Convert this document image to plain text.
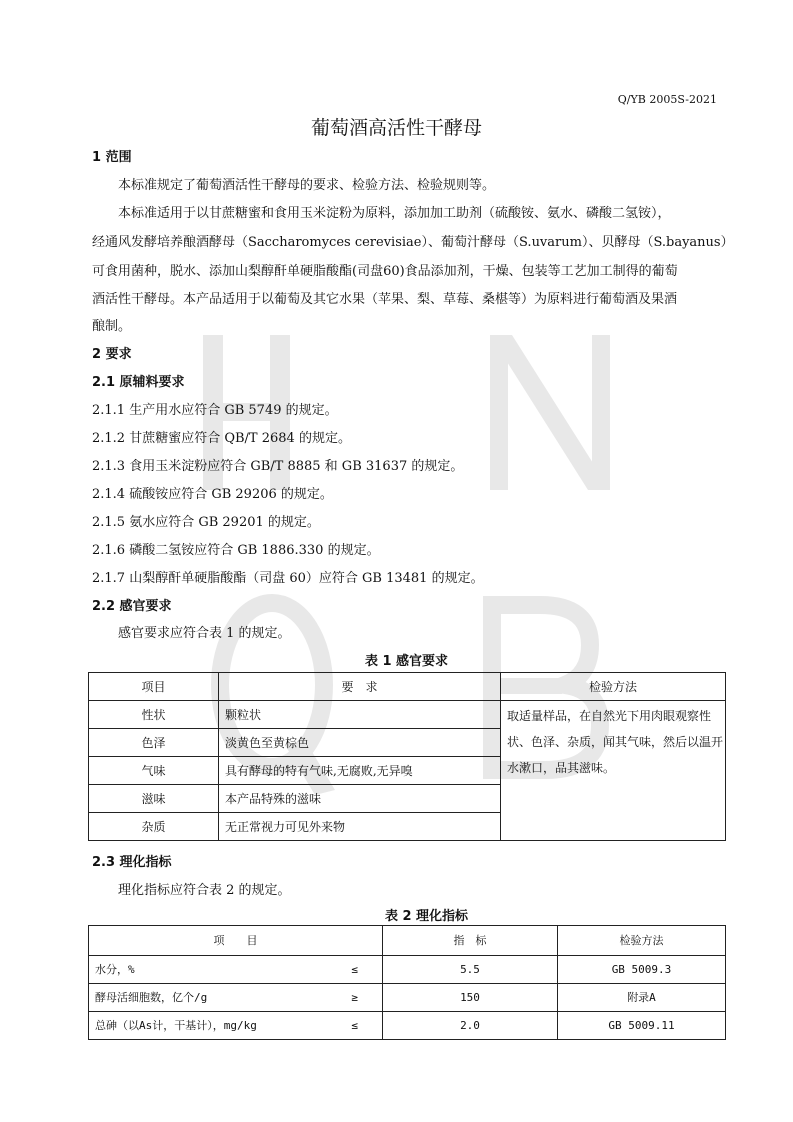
Q/YB 2005S-2021
葡萄酒高活性干酵母
1 范围
本标准规定了葡萄酒活性干酵母的要求、检验方法、检验规则等。
本标准适用于以甘蔗糖蜜和食用玉米淀粉为原料，添加加工助剂（硫酸铵、氨水、磷酸二氢铵），
经通风发酵培养酿酒酵母（Saccharomyces cerevisiae）、葡萄汁酵母（S.uvarum）、贝酵母（S.bayanus）
可食用菌种，脱水、添加山梨醇酐单硬脂酸酯(司盘60)食品添加剂，干燥、包装等工艺加工制得的葡萄
酒活性干酵母。本产品适用于以葡萄及其它水果（苹果、梨、草莓、桑椹等）为原料进行葡萄酒及果酒
酿制。
2 要求
2.1 原辅料要求
2.1.1 生产用水应符合 GB 5749 的规定。
2.1.2 甘蔗糖蜜应符合 QB/T 2684 的规定。
2.1.3 食用玉米淀粉应符合 GB/T 8885 和 GB 31637 的规定。
2.1.4 硫酸铵应符合 GB 29206 的规定。
2.1.5 氨水应符合 GB 29201 的规定。
2.1.6 磷酸二氢铵应符合 GB 1886.330 的规定。
2.1.7 山梨醇酐单硬脂酸酯（司盘 60）应符合 GB 13481 的规定。
2.2 感官要求
感官要求应符合表 1 的规定。
表 1 感官要求
项目	要　求	检验方法
性状	颗粒状	取适量样品，在自然光下用肉眼观察性
状、色泽、杂质，闻其气味，然后以温开
水漱口，品其滋味。

色泽	淡黄色至黄棕色	
气味	具有酵母的特有气味,无腐败,无异嗅	
滋味	本产品特殊的滋味	
杂质	无正常视力可见外来物	
2.3 理化指标
理化指标应符合表 2 的规定。
表 2 理化指标
项　　目	指　标	检验方法
水分，% ≤	5.5	GB 5009.3
酵母活细胞数，亿个/g ≥	150	附录A
总砷（以As计，干基计），mg/kg ≤	2.0	GB 5009.11
